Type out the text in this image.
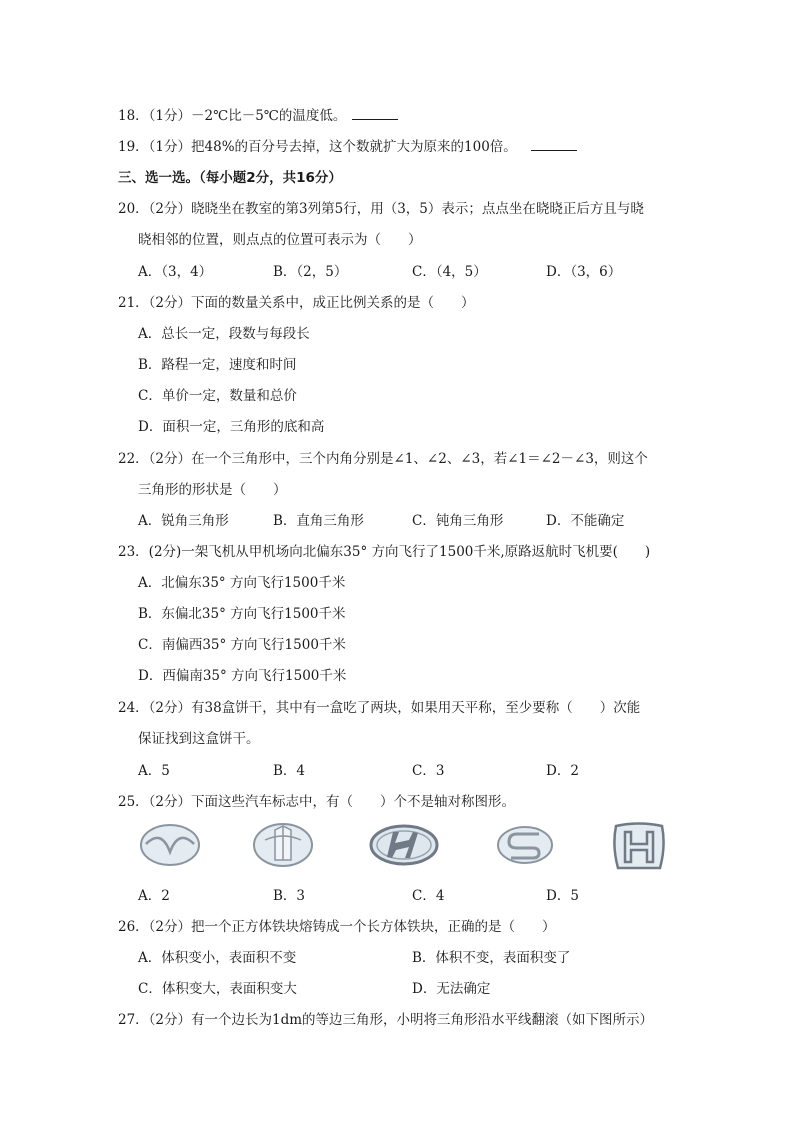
18．（1分）－2℃比－5℃的温度低。
19．（1分）把48%的百分号去掉，这个数就扩大为原来的100倍。
三、选一选。（每小题2分，共16分）
20．（2分）晓晓坐在教室的第3列第5行，用（3，5）表示；点点坐在晓晓正后方且与晓
晓相邻的位置，则点点的位置可表示为（　　）
A．（3，4）	B．（2，5）	C．（4，5）	D．（3，6）
21．（2分）下面的数量关系中，成正比例关系的是（　　）
A．总长一定，段数与每段长
B．路程一定，速度和时间
C．单价一定，数量和总价
D．面积一定，三角形的底和高
22．（2分）在一个三角形中，三个内角分别是∠1、∠2、∠3，若∠1＝∠2－∠3，则这个
三角形的形状是（　　）
A．锐角三角形	B．直角三角形	C．钝角三角形	D．不能确定
23．(2分)一架飞机从甲机场向北偏东35° 方向飞行了1500千米,原路返航时飞机要(　　)
A．北偏东35° 方向飞行1500千米
B．东偏北35° 方向飞行1500千米
C．南偏西35° 方向飞行1500千米
D．西偏南35° 方向飞行1500千米
24．（2分）有38盒饼干，其中有一盒吃了两块，如果用天平称，至少要称（　　）次能
保证找到这盒饼干。
A．5	B．4	C．3	D．2
25．（2分）下面这些汽车标志中，有（　　）个不是轴对称图形。
A．2	B．3	C．4	D．5
26．（2分）把一个正方体铁块熔铸成一个长方体铁块，正确的是（　　）
A．体积变小，表面积不变	B．体积不变，表面积变了
C．体积变大，表面积变大	D．无法确定
27．（2分）有一个边长为1dm的等边三角形，小明将三角形沿水平线翻滚（如下图所示）
